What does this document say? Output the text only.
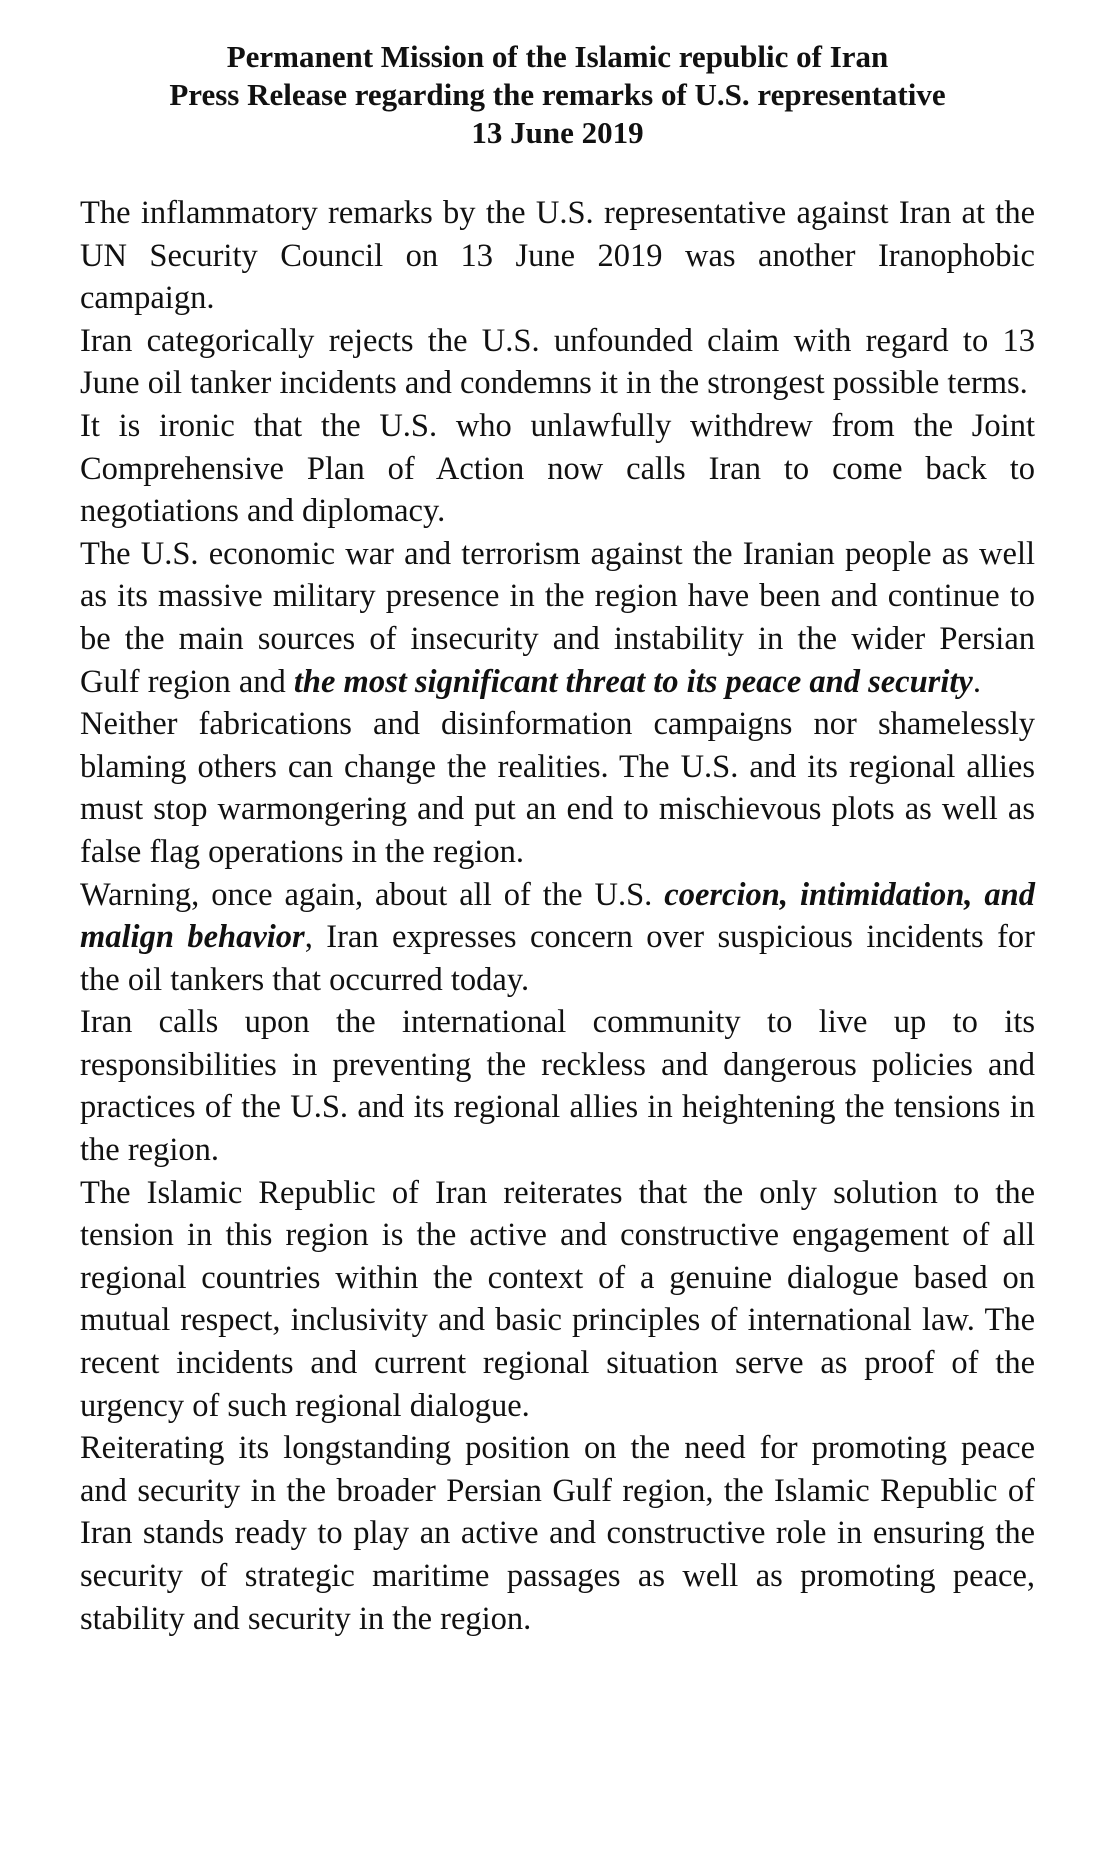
Permanent Mission of the Islamic republic of Iran
Press Release regarding the remarks of U.S. representative
13 June 2019

The inflammatory remarks by the U.S. representative against Iran at the UN Security Council on 13 June 2019 was another Iranophobic campaign.

Iran categorically rejects the U.S. unfounded claim with regard to 13 June oil tanker incidents and condemns it in the strongest possible terms.

It is ironic that the U.S. who unlawfully withdrew from the Joint Comprehensive Plan of Action now calls Iran to come back to negotiations and diplomacy.

The U.S. economic war and terrorism against the Iranian people as well as its massive military presence in the region have been and continue to be the main sources of insecurity and instability in the wider Persian Gulf region and the most significant threat to its peace and security.

Neither fabrications and disinformation campaigns nor shamelessly blaming others can change the realities. The U.S. and its regional allies must stop warmongering and put an end to mischievous plots as well as false flag operations in the region.

Warning, once again, about all of the U.S. coercion, intimidation, and malign behavior, Iran expresses concern over suspicious incidents for the oil tankers that occurred today.

Iran calls upon the international community to live up to its responsibilities in preventing the reckless and dangerous policies and practices of the U.S. and its regional allies in heightening the tensions in the region.

The Islamic Republic of Iran reiterates that the only solution to the tension in this region is the active and constructive engagement of all regional countries within the context of a genuine dialogue based on mutual respect, inclusivity and basic principles of international law. The recent incidents and current regional situation serve as proof of the urgency of such regional dialogue.

Reiterating its longstanding position on the need for promoting peace and security in the broader Persian Gulf region, the Islamic Republic of Iran stands ready to play an active and constructive role in ensuring the security of strategic maritime passages as well as promoting peace, stability and security in the region.
